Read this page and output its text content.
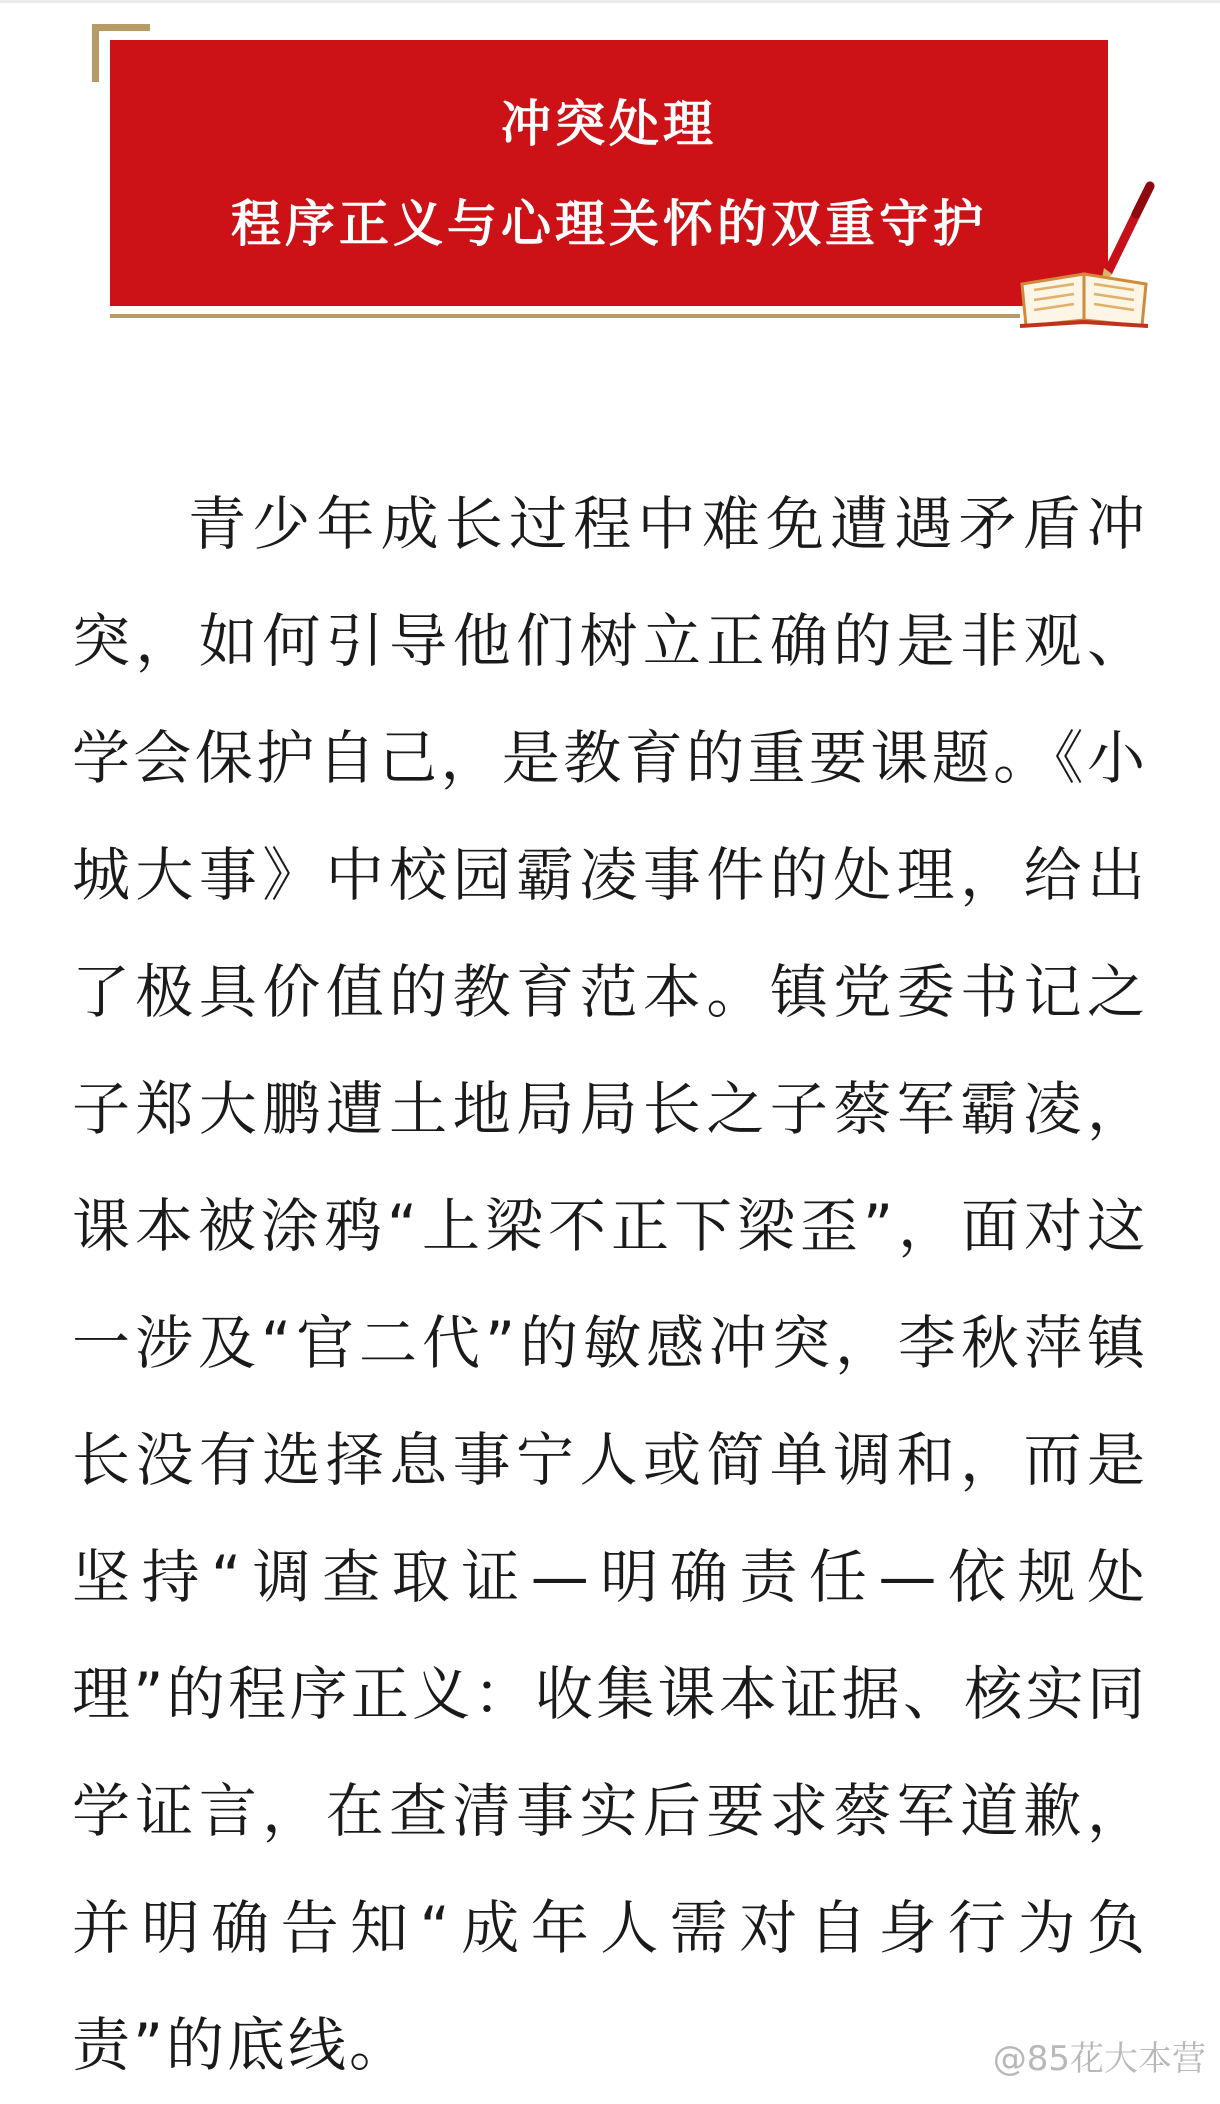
冲突处理
程序正义与心理关怀的双重守护

青少年成长过程中难免遭遇矛盾冲突，如何引导他们树立正确的是非观、学会保护自己，是教育的重要课题。《小城大事》中校园霸凌事件的处理，给出了极具价值的教育范本。镇党委书记之子郑大鹏遭土地局局长之子蔡军霸凌，课本被涂鸦“上梁不正下梁歪”，面对这一涉及“官二代”的敏感冲突，李秋萍镇长没有选择息事宁人或简单调和，而是坚持“调查取证—明确责任—依规处理”的程序正义：收集课本证据、核实同学证言，在查清事实后要求蔡军道歉，并明确告知“成年人需对自身行为负责”的底线。	@85花大本营
